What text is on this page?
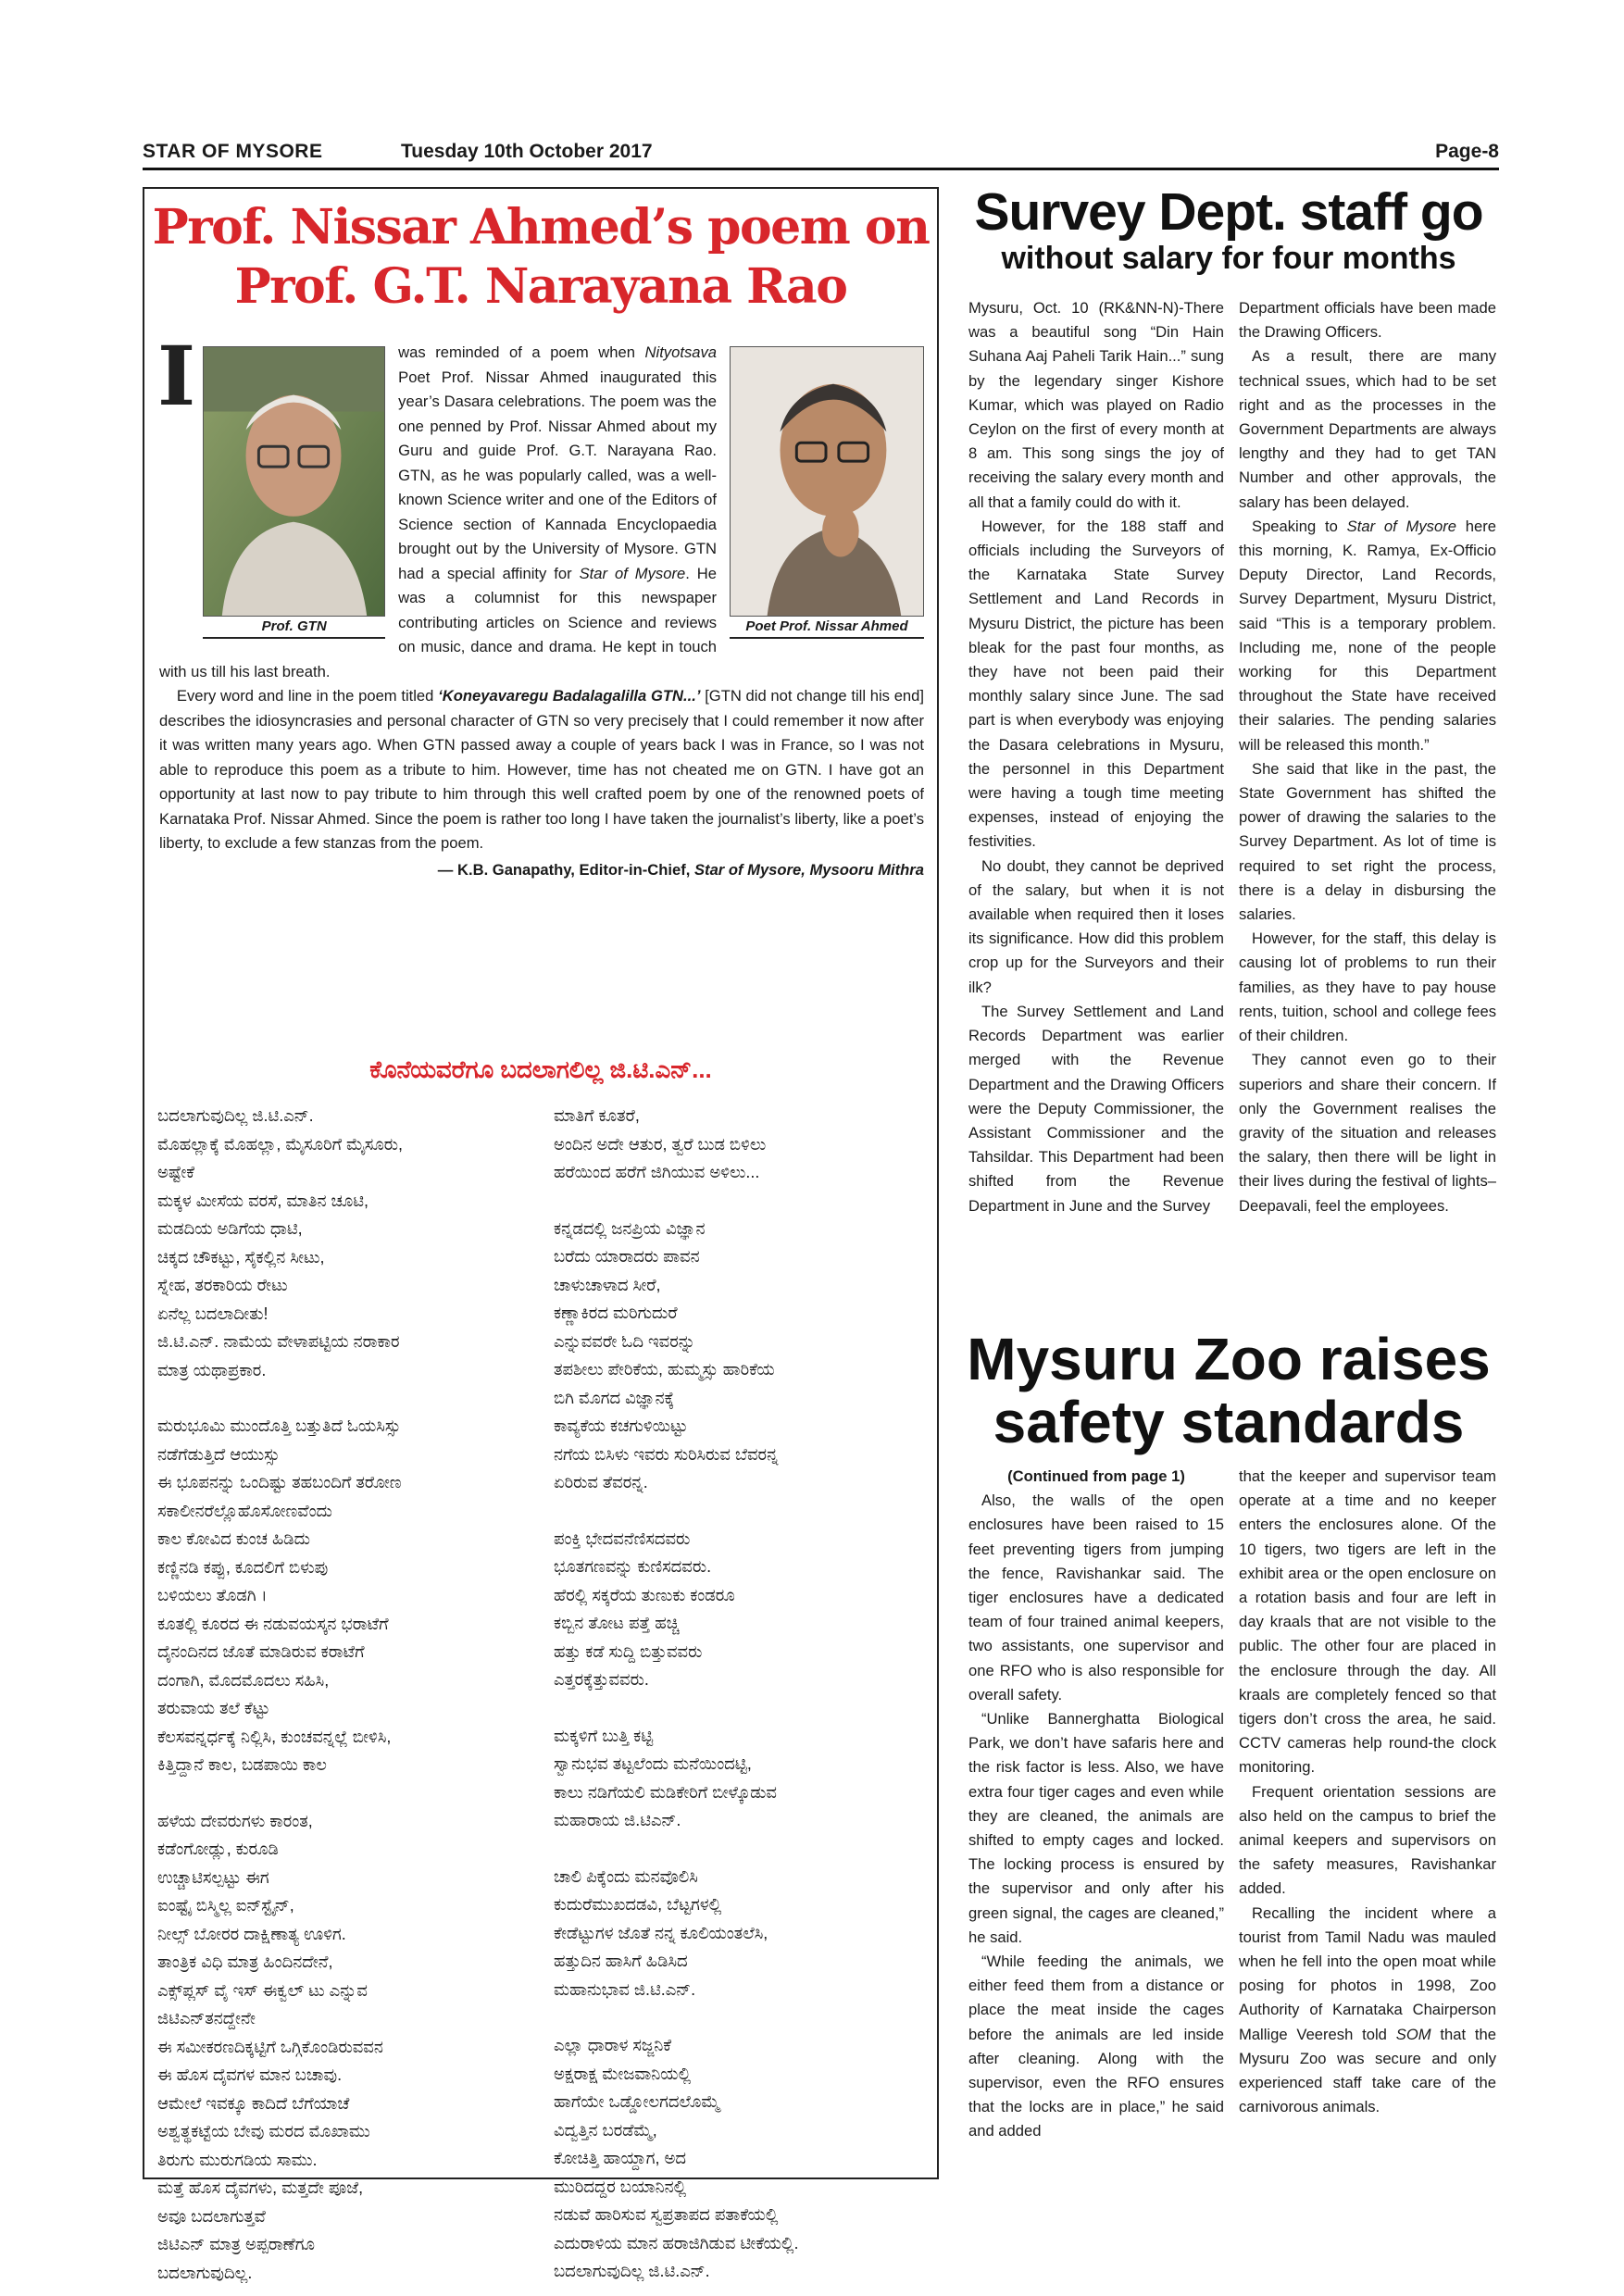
STAR OF MYSORE	Tuesday 10th October 2017	Page-8
Prof. Nissar Ahmed’s poem on
Prof. G.T. Narayana Rao
I	was reminded of a poem when Nityotsava
Prof. GTN	Poet Prof. Nissar Ahmed
Poet Prof. Nissar Ahmed inaugurated this year’s Dasara celebrations. The poem was the one penned by Prof. Nissar Ahmed about my Guru and guide Prof. G.T. Narayana Rao. GTN, as he was popularly called, was a well-known Science writer and one of the Editors of Science section of Kannada Encyclopaedia brought out by the University of Mysore. GTN had a special affinity for Star of Mysore. He was a columnist for this newspaper contributing articles on Science and reviews on music, dance and drama. He kept in touch with us till his last breath.
Every word and line in the poem titled ‘Koneyavaregu Badalagalilla GTN...’ [GTN did not change till his end] describes the idiosyncrasies and personal character of GTN so very precisely that I could remember it now after it was written many years ago. When GTN passed away a couple of years back I was in France, so I was not able to reproduce this poem as a tribute to him. However, time has not cheated me on GTN. I have got an opportunity at last now to pay tribute to him through this well crafted poem by one of the renowned poets of Karnataka Prof. Nissar Ahmed. Since the poem is rather too long I have taken the journalist’s liberty, like a poet’s liberty, to exclude a few stanzas from the poem.
— K.B. Ganapathy, Editor-in-Chief, Star of Mysore, Mysooru Mithra
ಕೊನೆಯವರೆಗೂ ಬದಲಾಗಲಿಲ್ಲ ಜಿ.ಟಿ.ಎನ್...
ಬದಲಾಗುವುದಿಲ್ಲ ಜಿ.ಟಿ.ಎನ್.
ಮೊಹಲ್ಲಾಕ್ಕೆ ಮೊಹಲ್ಲಾ, ಮೈಸೂರಿಗೆ ಮೈಸೂರು,
ಅಷ್ಟೇಕೆ
ಮಕ್ಕಳ ಮೀಸೆಯ ವರಸೆ, ಮಾತಿನ ಚೂಟಿ,
ಮಡದಿಯ ಅಡಿಗೆಯ ಧಾಟಿ,
ಚಿಕ್ಕದ ಚೌಕಟ್ಟು, ಸೈಕಲ್ಲಿನ ಸೀಟು,
ಸ್ನೇಹ, ತರಕಾರಿಯ ರೇಟು
ಏನೆಲ್ಲ ಬದಲಾದೀತು!
ಜಿ.ಟಿ.ಎನ್. ನಾಮೆಯ ವೇಳಾಪಟ್ಟಿಯ ನರಾಕಾರ
ಮಾತ್ರ ಯಥಾಪ್ರಕಾರ.
ಮರುಭೂಮಿ ಮುಂದೊತ್ತಿ ಬತ್ತುತಿದೆ ಓಯಸಿಸ್ಸು
ನಡೆಗೆಡುತ್ತಿದೆ ಆಯುಸ್ಸು
ಈ ಭೂಪನನ್ನು ಒಂದಿಷ್ಟು ತಹಬಂದಿಗೆ ತರೋಣ
ಸಕಾಲೀನರೆಲ್ಲೊಹೊಸೋಣವೆಂದು
ಕಾಲ ಕೋವಿದ ಕುಂಚ ಹಿಡಿದು
ಕಣ್ಣಿನಡಿ ಕಪ್ಪು, ಕೂದಲಿಗೆ ಬಿಳುಪು
ಬಳಿಯಲು ತೊಡಗಿ ।
ಕೂತಲ್ಲಿ ಕೂರದ ಈ ನಡುವಯಸ್ಕನ ಭರಾಟೆಗೆ
ದೈನಂದಿನದ ಜೊತೆ ಮಾಡಿರುವ ಕರಾಟೆಗೆ
ದಂಗಾಗಿ, ಮೊದಮೊದಲು ಸಹಿಸಿ,
ತರುವಾಯ ತಲೆ ಕೆಟ್ಟು
ಕೆಲಸವನ್ನರ್ಧಕ್ಕೆ ನಿಲ್ಲಿಸಿ, ಕುಂಚವನ್ನಲ್ಲೆ ಬೀಳಿಸಿ,
ಕಿತ್ತಿದ್ದಾನೆ ಕಾಲ, ಬಡಪಾಯಿ ಕಾಲ
ಹಳೆಯ ದೇವರುಗಳು ಕಾರಂತ,
ಕಡೆಂಗೋಡ್ಲು, ಕುರೂಡಿ
ಉಚ್ಚಾಟಿಸಲ್ಪಟ್ಟು ಈಗ
ಐಂಷ್ಟೈ ಬಿಸ್ಮಿಲ್ಲ ಐನ್‌ಸ್ಟೈನ್,
ನೀಲ್ಸ್ ಬೋರರ ದಾಕ್ಷಿಣಾತ್ಯ ಊಳಿಗ.
ತಾಂತ್ರಿಕ ವಿಧಿ ಮಾತ್ರ ಹಿಂದಿನದೇನೆ,
ಎಕ್ಸ್‌ಪ್ಲಸ್ ವೈ ಇಸ್ ಈಕ್ವಲ್ ಟು ಎನ್ನುವ
ಜಿಟಿಎನ್‌ತನದ್ದೇನೇ
ಈ ಸಮೀಕರಣದಿಕ್ಕಟ್ಟಿಗೆ ಒಗ್ಗಿಕೊಂಡಿರುವವನ
ಈ ಹೊಸ ದೈವಗಳ ಮಾನ ಬಚಾವು.
ಆಮೇಲೆ ಇವಕ್ಕೂ ಕಾದಿದೆ ಬೆಗೆಯಾಚೆ
ಅಶ್ವತ್ಥಕಟ್ಟೆಯ ಬೇವು ಮರದ ಮೊಖಾಮು
ತಿರುಗು ಮುರುಗಡಿಯ ಸಾಮು.
ಮತ್ತೆ ಹೊಸ ದೈವಗಳು, ಮತ್ತದೇ ಪೂಜೆ,
ಅವೂ ಬದಲಾಗುತ್ತವೆ
ಜಿಟಿಎನ್ ಮಾತ್ರ ಅಪ್ಪರಾಣೆಗೂ
ಬದಲಾಗುವುದಿಲ್ಲ.
ಮಾತಿಗೆ ಕೂತರೆ,
ಅಂದಿನ ಅದೇ ಆತುರ, ತ್ವರೆ ಬುಡ ಬಿಳಿಲು
ಹರೆಯಿಂದ ಹರೆಗೆ ಜಿಗಿಯುವ ಅಳಿಲು...
ಕನ್ನಡದಲ್ಲಿ ಜನಪ್ರಿಯ ವಿಜ್ಞಾನ
ಬರೆದು ಯಾರಾದರು ಪಾವನ
ಚಾಳುಚಾಳಾದ ಸೀರೆ,
ಕಣ್ಣಾಕಿರದ ಮರಿಗುದುರೆ
ಎನ್ನುವವರೇ ಓದಿ ಇವರನ್ನು
ತಪಶೀಲು ಪೇರಿಕೆಯ, ಹುಮ್ಮಸ್ಸು ಹಾರಿಕೆಯ
ಬಿಗಿ ಮೊಗದ ವಿಜ್ಞಾನಕ್ಕೆ
ಕಾವ್ಯಕೆಯ ಕಚಗುಳಿಯಿಟ್ಟು
ನಗೆಯ ಬಿಸಿಳು ಇವರು ಸುರಿಸಿರುವ ಬೆವರನ್ನ
ಏರಿರುವ ತೆವರನ್ನ.
ಪಂಕ್ತಿ ಭೇದವನೆಣಿಸದವರು
ಭೂತಗಣವನ್ನು ಕುಣಿಸದವರು.
ಹೆರಲ್ಲಿ ಸಕ್ಕರೆಯ ತುಣುಕು ಕಂಡರೂ
ಕಬ್ಬಿನ ತೋಟ ಪತ್ತೆ ಹಚ್ಚಿ
ಹತ್ತು ಕಡೆ ಸುದ್ದಿ ಬಿತ್ತುವವರು
ಎತ್ತರಕ್ಕೆತ್ತುವವರು.
ಮಕ್ಕಳಿಗೆ ಬುತ್ತಿ ಕಟ್ಟಿ
ಸ್ವಾನುಭವ ತಟ್ಟಲೆಂದು ಮನೆಯಿಂದಟ್ಟಿ,
ಕಾಲು ನಡಿಗೆಯಲಿ ಮಡಿಕೇರಿಗೆ ಬೀಳ್ಕೊಡುವ
ಮಹಾರಾಯ ಜಿ.ಟಿಎನ್.
ಚಾಲಿ ಪಿಕ್ಕೆಂದು ಮನವೊಲಿಸಿ
ಕುದುರೆಮುಖದಡವಿ, ಬೆಟ್ಟಗಳಲ್ಲಿ
ಕೇಡೆಟ್ಟುಗಳ ಜೊತೆ ನನ್ನ ಕೂಲಿಯಂತಲೆಸಿ,
ಹತ್ತುದಿನ ಹಾಸಿಗೆ ಹಿಡಿಸಿದ
ಮಹಾನುಭಾವ ಜಿ.ಟಿ.ಎನ್.
ಎಲ್ಲಾ ಧಾರಾಳ ಸಜ್ಜನಿಕೆ
ಅಕ್ಷರಾಕ್ಷ ಮೇಜವಾನಿಯಲ್ಲಿ
ಹಾಗೆಯೇ ಒಡ್ಡೋಲಗದಲೊಮ್ಮೆ
ವಿದ್ವತ್ತಿನ ಬರಡೆಮ್ಮೆ,
ಕೋಚಿತ್ತಿ ಹಾಯ್ದಾಗ, ಅದ
ಮುರಿದದ್ದರ ಬಯಾನಿನಲ್ಲಿ
ನಡುವೆ ಹಾರಿಸುವ ಸ್ವಪ್ರತಾಪದ ಪತಾಕೆಯಲ್ಲಿ
ಎದುರಾಳಿಯ ಮಾನ ಹರಾಜಿಗಿಡುವ ಟೀಕೆಯಲ್ಲಿ.
ಬದಲಾಗುವುದಿಲ್ಲ ಜಿ.ಟಿ.ಎನ್.
Survey Dept. staff go
without salary for four months

Mysuru, Oct. 10 (RK&NN-N)-There was a beautiful song “Din Hain Suhana Aaj Paheli Tarik Hain...” sung by the legendary singer Kishore Kumar, which was played on Radio Ceylon on the first of every month at 8 am. This song sings the joy of receiving the salary every month and all that a family could do with it.

However, for the 188 staff and officials including the Surveyors of the Karnataka State Survey Settlement and Land Records in Mysuru District, the picture has been bleak for the past four months, as they have not been paid their monthly salary since June. The sad part is when everybody was enjoying the Dasara celebrations in Mysuru, the personnel in this Department were having a tough time meeting expenses, instead of enjoying the festivities.

No doubt, they cannot be deprived of the salary, but when it is not available when required then it loses its significance. How did this problem crop up for the Surveyors and their ilk?

The Survey Settlement and Land Records Department was earlier merged with the Revenue Department and the Drawing Officers were the Deputy Commissioner, the Assistant Commissioner and the Tahsildar. This Department had been shifted from the Revenue Department in June and the Survey

Department officials have been made the Drawing Officers.

As a result, there are many technical ssues, which had to be set right and as the processes in the Government Departments are always lengthy and they had to get TAN Number and other approvals, the salary has been delayed.

Speaking to Star of Mysore here this morning, K. Ramya, Ex-Officio Deputy Director, Land Records, Survey Department, Mysuru District, said “This is a temporary problem. Including me, none of the people working for this Department throughout the State have received their salaries. The pending salaries will be released this month.”

She said that like in the past, the State Government has shifted the power of drawing the salaries to the Survey Department. As lot of time is required to set right the process, there is a delay in disbursing the salaries.

However, for the staff, this delay is causing lot of problems to run their families, as they have to pay house rents, tuition, school and college fees of their children.

They cannot even go to their superiors and share their concern. If only the Government realises the gravity of the situation and releases the salary, then there will be light in their lives during the festival of lights–Deepavali, feel the employees.

Mysuru Zoo raises
safety standards

(Continued from page 1)

Also, the walls of the open enclosures have been raised to 15 feet preventing tigers from jumping the fence, Ravishankar said. The tiger enclosures have a dedicated team of four trained animal keepers, two assistants, one supervisor and one RFO who is also responsible for overall safety.

“Unlike Bannerghatta Biological Park, we don’t have safaris here and the risk factor is less. Also, we have extra four tiger cages and even while they are cleaned, the animals are shifted to empty cages and locked. The locking process is ensured by the supervisor and only after his green signal, the cages are cleaned,” he said.

“While feeding the animals, we either feed them from a distance or place the meat inside the cages before the animals are led inside after cleaning. Along with the supervisor, even the RFO ensures that the locks are in place,” he said and added

that the keeper and supervisor team operate at a time and no keeper enters the enclosures alone. Of the 10 tigers, two tigers are left in the exhibit area or the open enclosure on a rotation basis and four are left in day kraals that are not visible to the public. The other four are placed in the enclosure through the day. All kraals are completely fenced so that tigers don’t cross the area, he said. CCTV cameras help round-the clock monitoring.

Frequent orientation sessions are also held on the campus to brief the animal keepers and supervisors on the safety measures, Ravishankar added.

Recalling the incident where a tourist from Tamil Nadu was mauled when he fell into the open moat while posing for photos in 1998, Zoo Authority of Karnataka Chairperson Mallige Veeresh told SOM that the Mysuru Zoo was secure and only experienced staff take care of the carnivorous animals.
